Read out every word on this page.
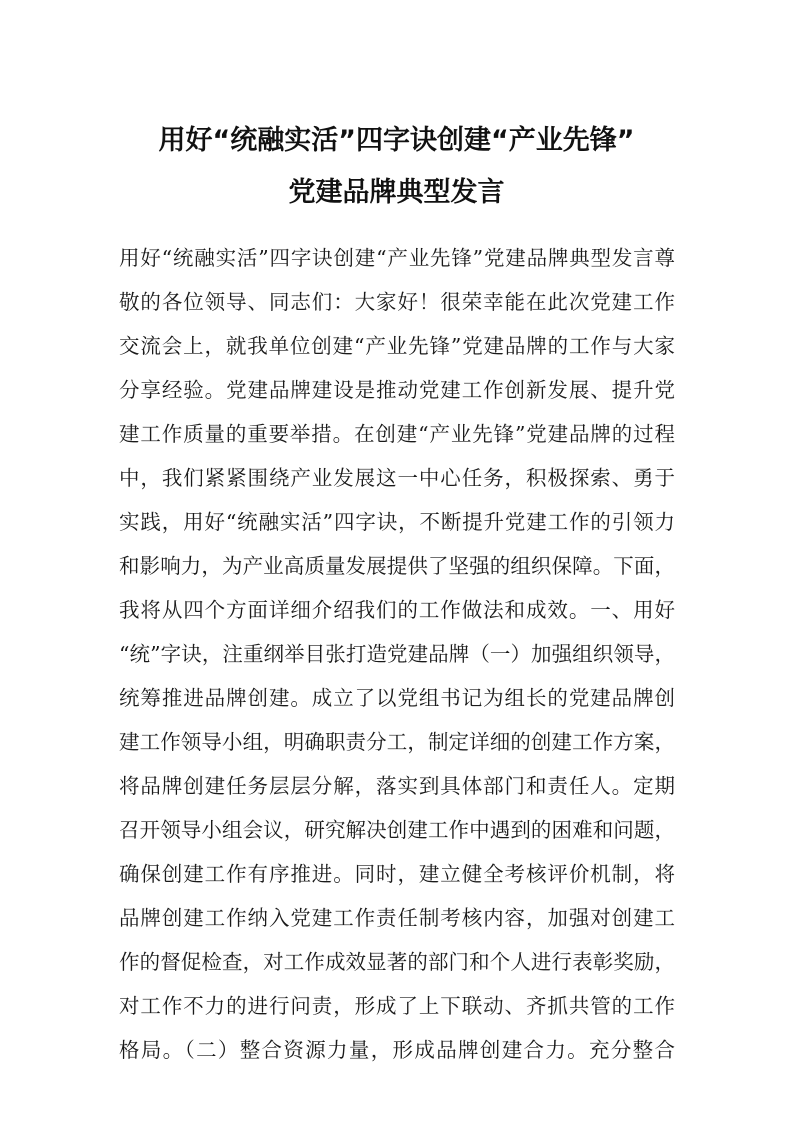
用好“统融实活”四字诀创建“产业先锋”
党建品牌典型发言
用好“统融实活”四字诀创建“产业先锋”党建品牌典型发言尊
敬的各位领导、同志们：大家好！很荣幸能在此次党建工作
交流会上，就我单位创建“产业先锋”党建品牌的工作与大家
分享经验。党建品牌建设是推动党建工作创新发展、提升党
建工作质量的重要举措。在创建“产业先锋”党建品牌的过程
中，我们紧紧围绕产业发展这一中心任务，积极探索、勇于
实践，用好“统融实活”四字诀，不断提升党建工作的引领力
和影响力，为产业高质量发展提供了坚强的组织保障。下面，
我将从四个方面详细介绍我们的工作做法和成效。一、用好
“统”字诀，注重纲举目张打造党建品牌（一）加强组织领导，
统筹推进品牌创建。成立了以党组书记为组长的党建品牌创
建工作领导小组，明确职责分工，制定详细的创建工作方案，
将品牌创建任务层层分解，落实到具体部门和责任人。定期
召开领导小组会议，研究解决创建工作中遇到的困难和问题，
确保创建工作有序推进。同时，建立健全考核评价机制，将
品牌创建工作纳入党建工作责任制考核内容，加强对创建工
作的督促检查，对工作成效显著的部门和个人进行表彰奖励，
对工作不力的进行问责，形成了上下联动、齐抓共管的工作
格局。（二）整合资源力量，形成品牌创建合力。充分整合
